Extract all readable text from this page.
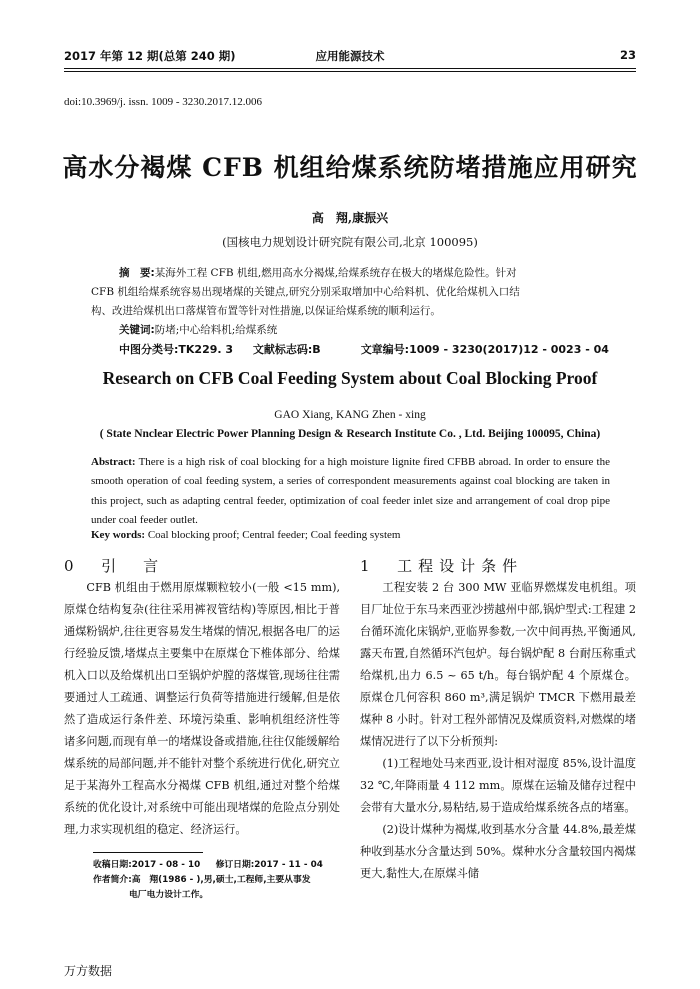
2017 年第 12 期(总第 240 期)	应用能源技术	23
doi:10.3969/j. issn. 1009 - 3230.2017.12.006
高水分褐煤 CFB 机组给煤系统防堵措施应用研究
高　翔,康振兴
(国核电力规划设计研究院有限公司,北京 100095)
摘　要:某海外工程 CFB 机组,燃用高水分褐煤,给煤系统存在极大的堵煤危险性。针对
CFB 机组给煤系统容易出现堵煤的关键点,研究分别采取增加中心给料机、优化给煤机入口结
构、改进给煤机出口落煤管布置等针对性措施,以保证给煤系统的顺利运行。
关键词:防堵;中心给料机;给煤系统
中图分类号:TK229. 3 文献标志码:B	文章编号:1009 - 3230(2017)12 - 0023 - 04
Research on CFB Coal Feeding System about Coal Blocking Proof
GAO Xiang, KANG Zhen - xing
( State Nnclear Electric Power Planning Design & Research Institute Co. , Ltd. Beijing 100095, China)
Abstract: There is a high risk of coal blocking for a high moisture lignite fired CFBB abroad. In order to ensure the smooth operation of coal feeding system, a series of correspondent measurements against coal blocking are taken in this project, such as adapting central feeder, optimization of coal feeder inlet size and arrangement of coal drop pipe under coal feeder outlet.
Key words: Coal blocking proof; Central feeder; Coal feeding system
0 引　言	1 工程设计条件

CFB 机组由于燃用原煤颗粒较小(一般 <15 mm),原煤仓结构复杂(往往采用裤衩管结构)等原因,相比于普通煤粉锅炉,往往更容易发生堵煤的情况,根据各电厂的运行经验反馈,堵煤点主要集中在原煤仓下椎体部分、给煤机入口以及给煤机出口至锅炉炉膛的落煤管,现场往往需要通过人工疏通、调整运行负荷等措施进行缓解,但是依然了造成运行条件差、环境污染重、影响机组经济性等诸多问题,而现有单一的堵煤设备或措施,往往仅能缓解给煤系统的局部问题,并不能针对整个系统进行优化,研究立足于某海外工程高水分褐煤 CFB 机组,通过对整个给煤系统的优化设计,对系统中可能出现堵煤的危险点分别处理,力求实现机组的稳定、经济运行。

收稿日期:2017 - 08 - 10 修订日期:2017 - 11 - 04
作者简介:高　翔(1986 - ),男,硕士,工程师,主要从事发
电厂电力设计工作。

工程安装 2 台 300 MW 亚临界燃煤发电机组。项目厂址位于东马来西亚沙捞越州中部,锅炉型式:工程建 2 台循环流化床锅炉,亚临界参数,一次中间再热,平衡通风,露天布置,自然循环汽包炉。每台锅炉配 8 台耐压称重式给煤机,出力 6.5 ~ 65 t/h。每台锅炉配 4 个原煤仓。原煤仓几何容积 860 m³,满足锅炉 TMCR 下燃用最差煤种 8 小时。针对工程外部情况及煤质资料,对燃煤的堵煤情况进行了以下分析预判:

(1)工程地处马来西亚,设计相对湿度 85%,设计温度 32 ℃,年降雨量 4 112 mm。原煤在运输及储存过程中会带有大量水分,易粘结,易于造成给煤系统各点的堵塞。

(2)设计煤种为褐煤,收到基水分含量 44.8%,最差煤种收到基水分含量达到 50%。煤种水分含量较国内褐煤更大,黏性大,在原煤斗储

万方数据
